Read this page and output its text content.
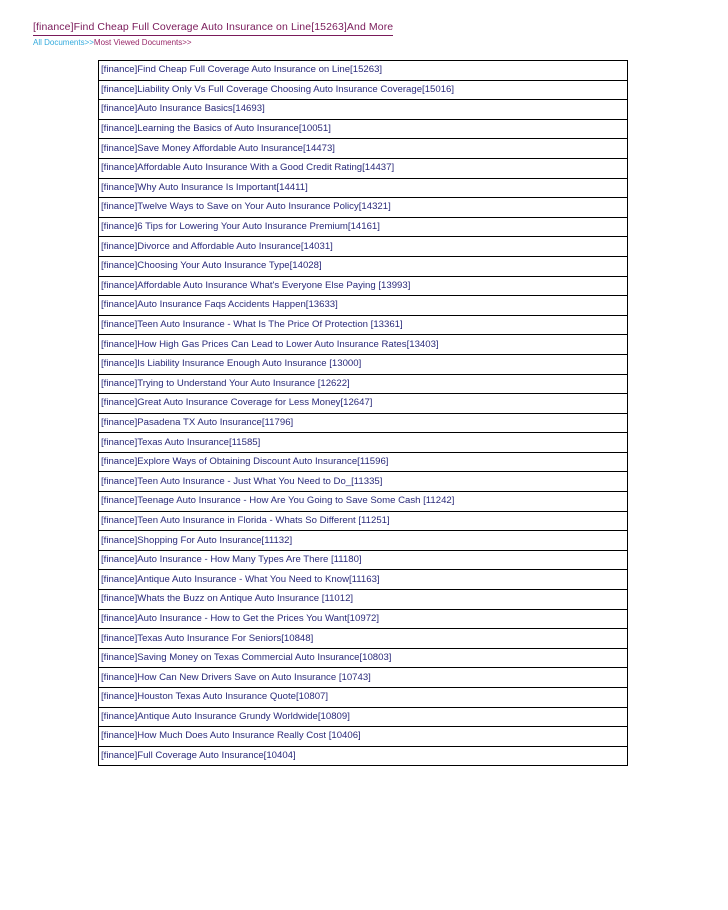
[finance]Find Cheap Full Coverage Auto Insurance on Line[15263]And More
All Documents>>Most Viewed Documents>>
[finance]Find Cheap Full Coverage Auto Insurance on Line[15263]
[finance]Liability Only Vs Full Coverage Choosing Auto Insurance Coverage[15016]
[finance]Auto Insurance Basics[14693]
[finance]Learning the Basics of Auto Insurance[10051]
[finance]Save Money Affordable Auto Insurance[14473]
[finance]Affordable Auto Insurance With a Good Credit Rating[14437]
[finance]Why Auto Insurance Is Important[14411]
[finance]Twelve Ways to Save on Your Auto Insurance Policy[14321]
[finance]6 Tips for Lowering Your Auto Insurance Premium[14161]
[finance]Divorce and Affordable Auto Insurance[14031]
[finance]Choosing Your Auto Insurance Type[14028]
[finance]Affordable Auto Insurance What's Everyone Else Paying [13993]
[finance]Auto Insurance Faqs Accidents Happen[13633]
[finance]Teen Auto Insurance - What Is The Price Of Protection [13361]
[finance]How High Gas Prices Can Lead to Lower Auto Insurance Rates[13403]
[finance]Is Liability Insurance Enough Auto Insurance [13000]
[finance]Trying to Understand Your Auto Insurance [12622]
[finance]Great Auto Insurance Coverage for Less Money[12647]
[finance]Pasadena TX Auto Insurance[11796]
[finance]Texas Auto Insurance[11585]
[finance]Explore Ways of Obtaining Discount Auto Insurance[11596]
[finance]Teen Auto Insurance - Just What You Need to Do_[11335]
[finance]Teenage Auto Insurance - How Are You Going to Save Some Cash [11242]
[finance]Teen Auto Insurance in Florida - Whats So Different [11251]
[finance]Shopping For Auto Insurance[11132]
[finance]Auto Insurance - How Many Types Are There [11180]
[finance]Antique Auto Insurance - What You Need to Know[11163]
[finance]Whats the Buzz on Antique Auto Insurance [11012]
[finance]Auto Insurance - How to Get the Prices You Want[10972]
[finance]Texas Auto Insurance For Seniors[10848]
[finance]Saving Money on Texas Commercial Auto Insurance[10803]
[finance]How Can New Drivers Save on Auto Insurance [10743]
[finance]Houston Texas Auto Insurance Quote[10807]
[finance]Antique Auto Insurance Grundy Worldwide[10809]
[finance]How Much Does Auto Insurance Really Cost [10406]
[finance]Full Coverage Auto Insurance[10404]
